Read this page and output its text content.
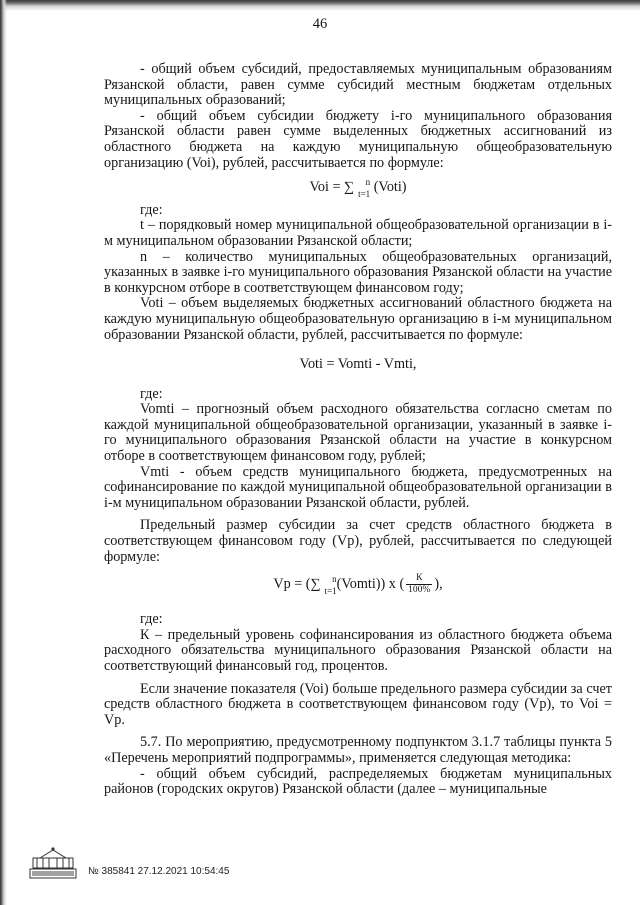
46

- общий объем субсидий, предоставляемых муниципальным образованиям Рязанской области, равен сумме субсидий местным бюджетам отдельных муниципальных образований;

- общий объем субсидии бюджету i-го муниципального образования Рязанской области равен сумме выделенных бюджетных ассигнований из областного бюджета на каждую муниципальную общеобразовательную организацию (Voi), рублей, рассчитывается по формуле:

Voi = ∑ n
t=1 (Voti)

где:

t – порядковый номер муниципальной общеобразовательной организации в i-м муниципальном образовании Рязанской области;

n – количество муниципальных общеобразовательных организаций, указанных в заявке i-го муниципального образования Рязанской области на участие в конкурсном отборе в соответствующем финансовом году;

Voti – объем выделяемых бюджетных ассигнований областного бюджета на каждую муниципальную общеобразовательную организацию в i-м муниципальном образовании Рязанской области, рублей, рассчитывается по формуле:

Voti = Vomti - Vmti,

где:

Vomti – прогнозный объем расходного обязательства согласно сметам по каждой муниципальной общеобразовательной организации, указанный в заявке i-го муниципального образования Рязанской области на участие в конкурсном отборе в соответствующем финансовом году, рублей;

Vmti - объем средств муниципального бюджета, предусмотренных на софинансирование по каждой муниципальной общеобразовательной организации в i-м муниципальном образовании Рязанской области, рублей.

Предельный размер субсидии за счет средств областного бюджета в соответствующем финансовом году (Vp), рублей, рассчитывается по следующей формуле:

Vp = (∑ n
t=1 (Vomti)) x ( $\frac{К}{100\%}$ ),

где:

К – предельный уровень софинансирования из областного бюджета объема расходного обязательства муниципального образования Рязанской области на соответствующий финансовый год, процентов.

Если значение показателя (Voi) больше предельного размера субсидии за счет средств областного бюджета в соответствующем финансовом году (Vp), то Voi = Vp.

5.7. По мероприятию, предусмотренному подпунктом 3.1.7 таблицы пункта 5 «Перечень мероприятий подпрограммы», применяется следующая методика:

- общий объем субсидий, распределяемых бюджетам муниципальных районов (городских округов) Рязанской области (далее – муниципальные

№ 385841 27.12.2021 10:54:45
